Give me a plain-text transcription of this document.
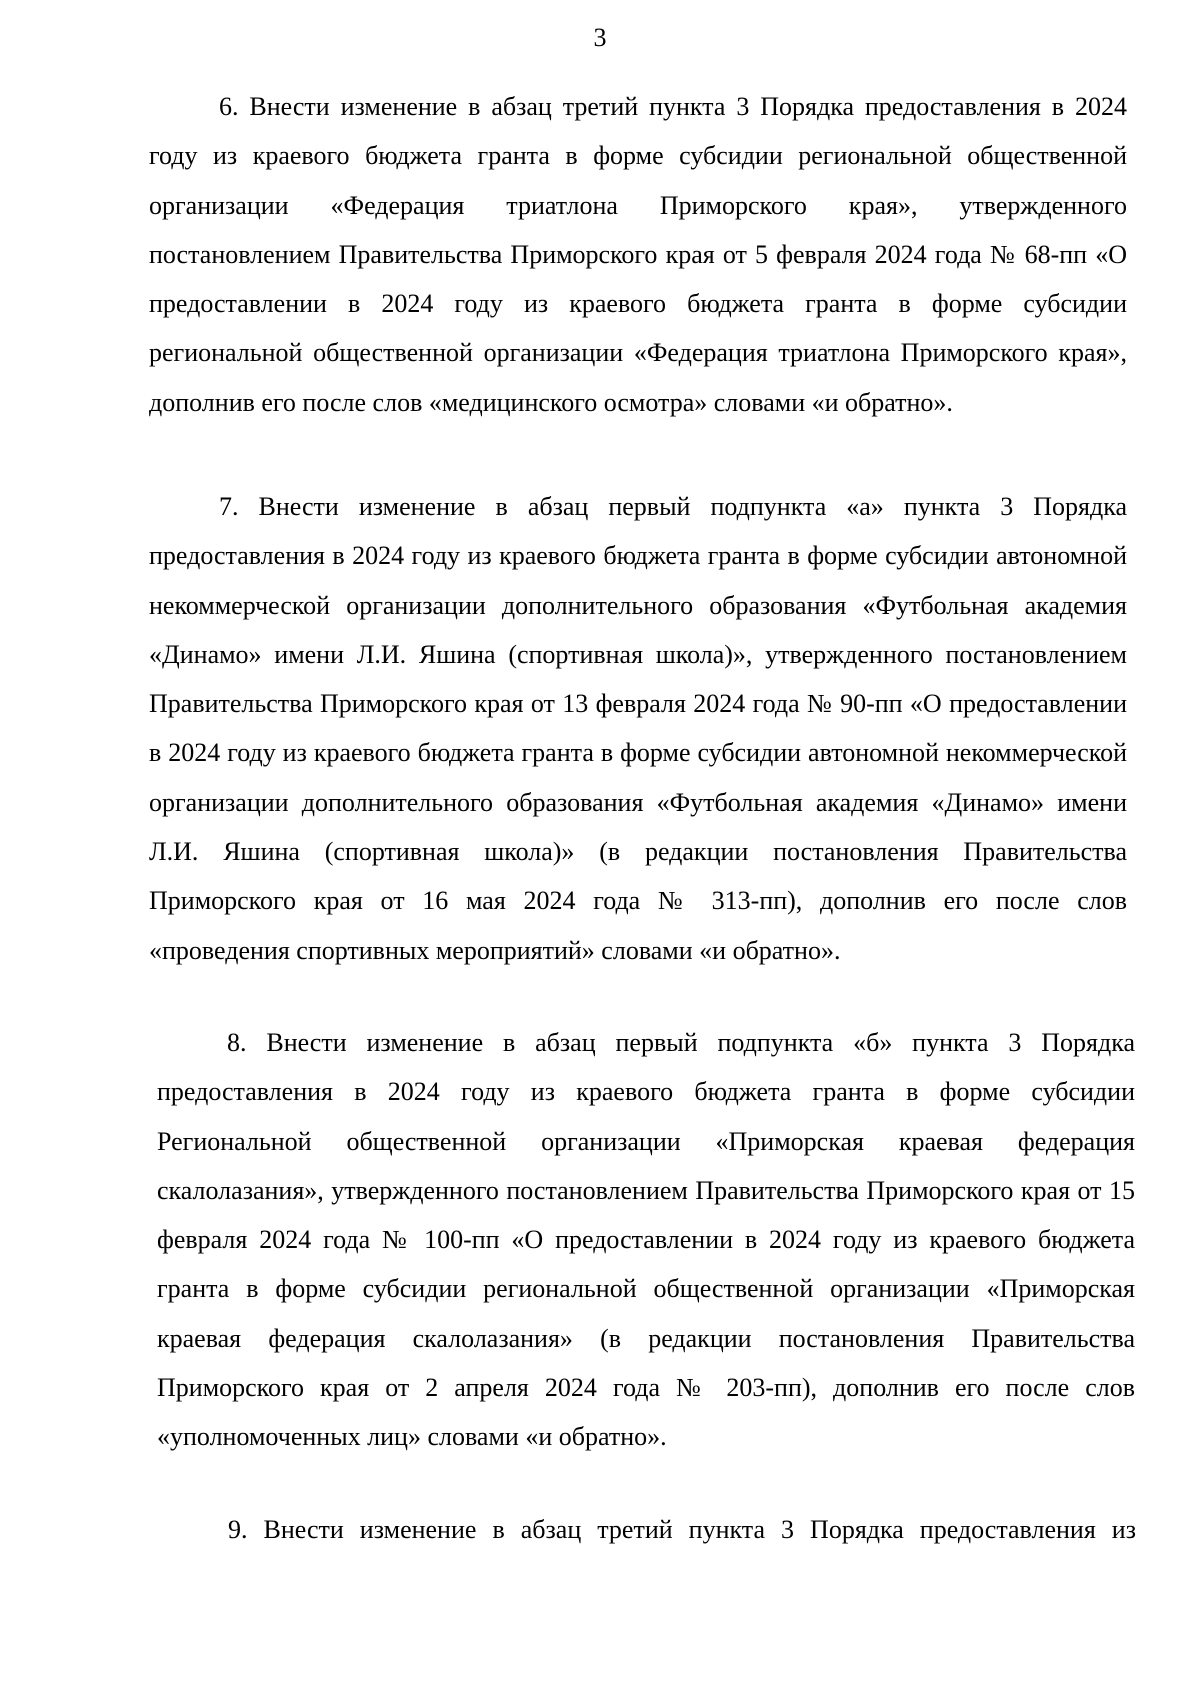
3

6. Внести изменение в абзац третий пункта 3 Порядка предоставления в 2024 году из краевого бюджета гранта в форме субсидии региональной общественной организации «Федерация триатлона Приморского края», утвержденного постановлением Правительства Приморского края от 5 февраля 2024 года № 68-пп «О предоставлении в 2024 году из краевого бюджета гранта в форме субсидии региональной общественной организации «Федерация триатлона Приморского края», дополнив его после слов «медицинского осмотра» словами «и обратно».

7. Внести изменение в абзац первый подпункта «а» пункта 3 Порядка предоставления в 2024 году из краевого бюджета гранта в форме субсидии автономной некоммерческой организации дополнительного образования «Футбольная академия «Динамо» имени Л.И. Яшина (спортивная школа)», утвержденного постановлением Правительства Приморского края от 13 февраля 2024 года № 90-пп «О предоставлении в 2024 году из краевого бюджета гранта в форме субсидии автономной некоммерческой организации дополнительного образования «Футбольная академия «Динамо» имени Л.И. Яшина (спортивная школа)» (в редакции постановления Правительства Приморского края от 16 мая 2024 года № 313-пп), дополнив его после слов «проведения спортивных мероприятий» словами «и обратно».

8. Внести изменение в абзац первый подпункта «б» пункта 3 Порядка предоставления в 2024 году из краевого бюджета гранта в форме субсидии Региональной общественной организации «Приморская краевая федерация скалолазания», утвержденного постановлением Правительства Приморского края от 15 февраля 2024 года № 100-пп «О предоставлении в 2024 году из краевого бюджета гранта в форме субсидии региональной общественной организации «Приморская краевая федерация скалолазания» (в редакции постановления Правительства Приморского края от 2 апреля 2024 года № 203-пп), дополнив его после слов «уполномоченных лиц» словами «и обратно».

9. Внести изменение в абзац третий пункта 3 Порядка предоставления из
